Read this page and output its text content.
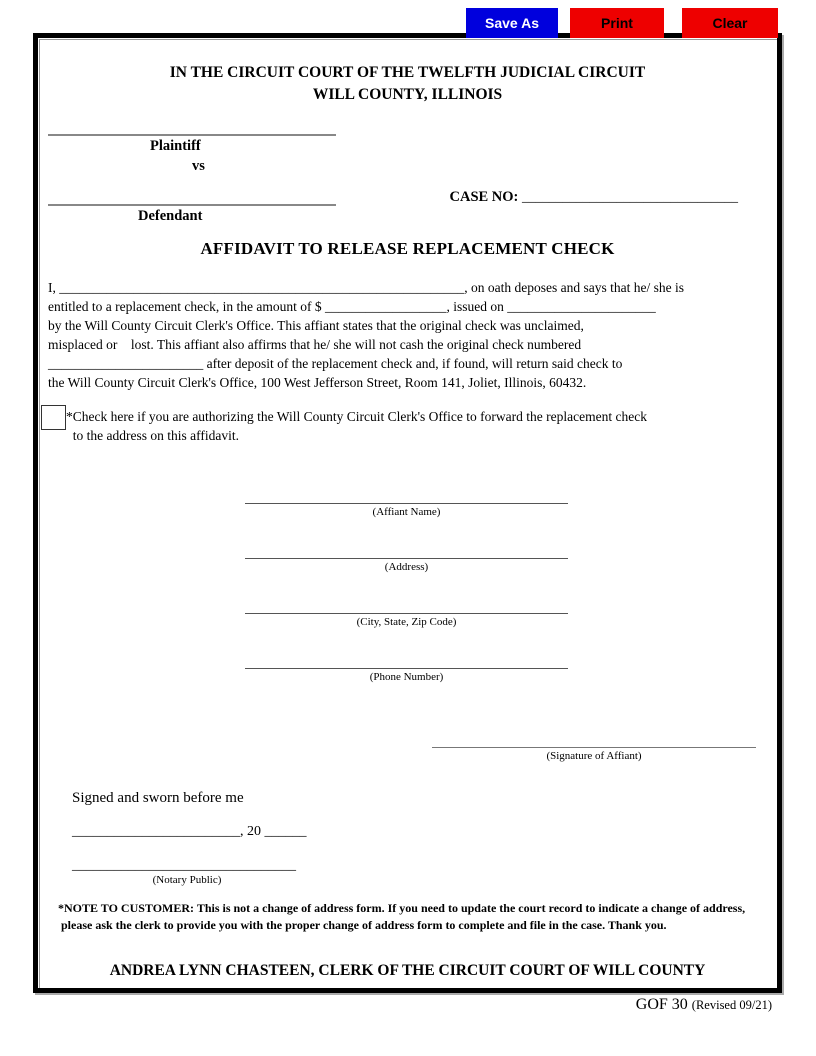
Save As	Print	Clear
IN THE CIRCUIT COURT OF THE TWELFTH JUDICIAL CIRCUIT
WILL COUNTY, ILLINOIS
Plaintiff
vs

CASE NO: ________________________________

Defendant
AFFIDAVIT TO RELEASE REPLACEMENT CHECK
I, ____________________________________________________________, on oath deposes and says that he/ she is
entitled to a replacement check, in the amount of $ __________________, issued on ______________________
by the Will County Circuit Clerk's Office. This affiant states that the original check was unclaimed,
misplaced or    lost. This affiant also affirms that he/ she will not cash the original check numbered
_______________________ after deposit of the replacement check and, if found, will return said check to
the Will County Circuit Clerk's Office, 100 West Jefferson Street, Room 141, Joliet, Illinois, 60432.
*Check here if you are authorizing the Will County Circuit Clerk's Office to forward the replacement check
to the address on this affidavit.
(Affiant Name)
(Address)
(City, State, Zip Code)
(Phone Number)
(Signature of Affiant)
Signed and sworn before me
________________________, 20 ______
________________________________
(Notary Public)
*NOTE TO CUSTOMER: This is not a change of address form. If you need to update the court record to indicate a change of address,
please ask the clerk to provide you with the proper change of address form to complete and file in the case. Thank you.
ANDREA LYNN CHASTEEN, CLERK OF THE CIRCUIT COURT OF WILL COUNTY
GOF 30 (Revised 09/21)
